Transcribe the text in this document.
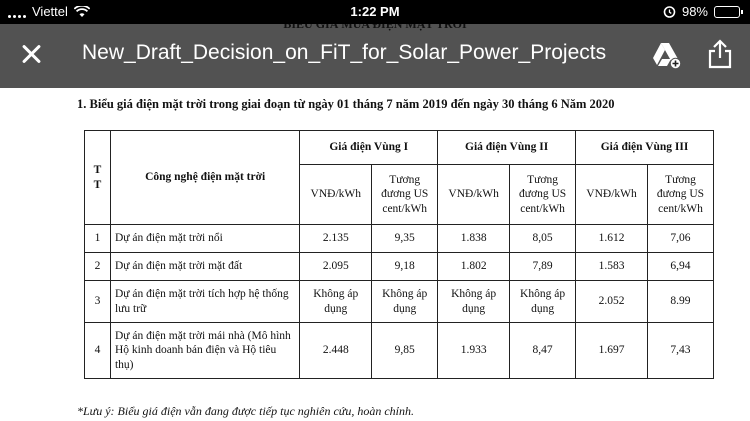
Viettel	1:22 PM	98%
1. Biểu giá điện mặt trời trong giai đoạn từ ngày 01 tháng 7 năm 2019 đến ngày 30 tháng 6 Năm 2020
T T	Công nghệ điện mặt trời	Giá điện Vùng I		Giá điện Vùng II		Giá điện Vùng III	
		VNĐ/kWh	Tương đương US cent/kWh	VNĐ/kWh	Tương đương US cent/kWh	VNĐ/kWh	Tương đương US cent/kWh
1	Dự án điện mặt trời nổi	2.135	9,35	1.838	8,05	1.612	7,06
2	Dự án điện mặt trời mặt đất	2.095	9,18	1.802	7,89	1.583	6,94
3	Dự án điện mặt trời tích hợp hệ thống lưu trữ	Không áp dụng	Không áp dụng	Không áp dụng	Không áp dụng	2.052	8.99
4	Dự án điện mặt trời mái nhà (Mô hình Hộ kinh doanh bán điện và Hộ tiêu thụ)	2.448	9,85	1.933	8,47	1.697	7,43
*Lưu ý: Biểu giá điện vẫn đang được tiếp tục nghiên cứu, hoàn chỉnh.
New_Draft_Decision_on_FiT_for_Solar_Power_Projects
